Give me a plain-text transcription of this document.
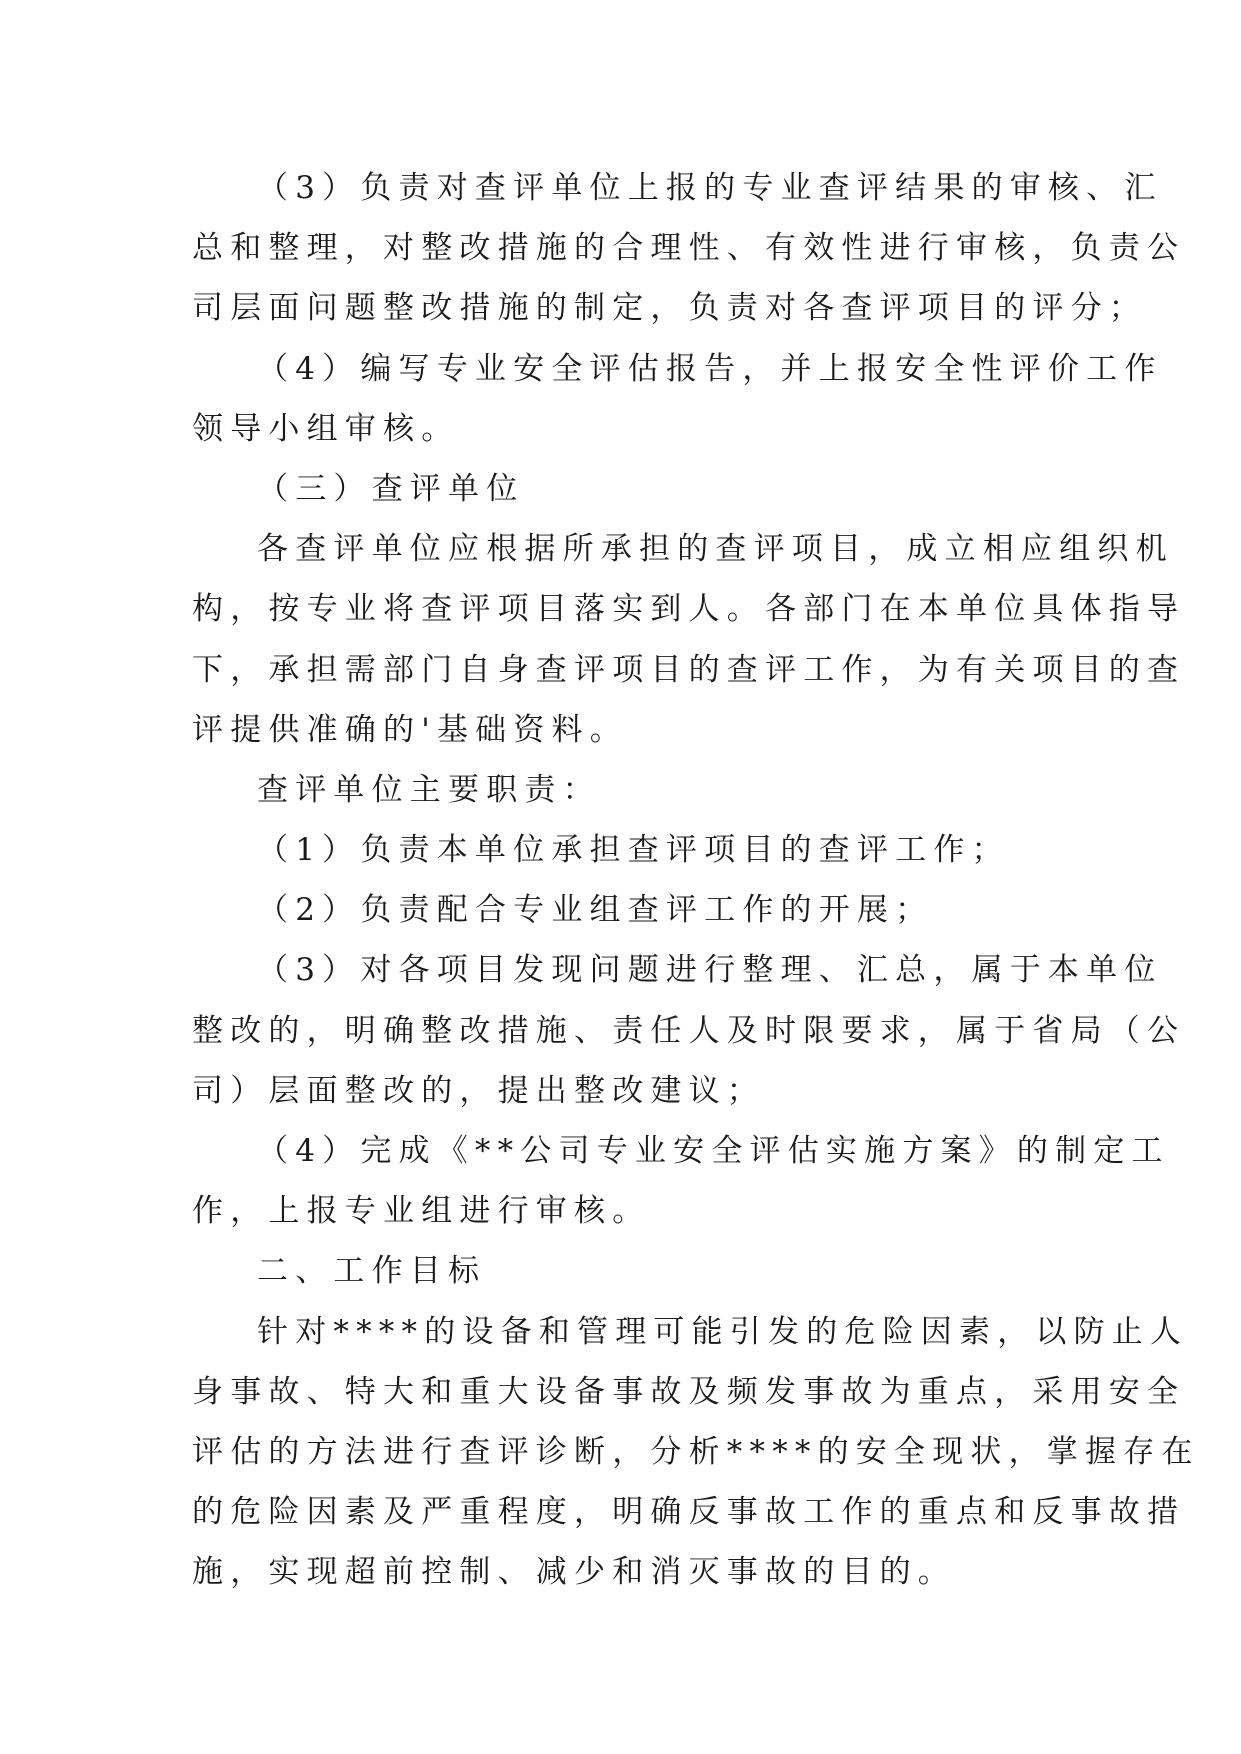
（3）负责对查评单位上报的专业查评结果的审核、汇
总和整理，对整改措施的合理性、有效性进行审核，负责公
司层面问题整改措施的制定，负责对各查评项目的评分；
（4）编写专业安全评估报告，并上报安全性评价工作
领导小组审核。
（三）查评单位
各查评单位应根据所承担的查评项目，成立相应组织机
构，按专业将查评项目落实到人。各部门在本单位具体指导
下，承担需部门自身查评项目的查评工作，为有关项目的查
评提供准确的'基础资料。
查评单位主要职责：
（1）负责本单位承担查评项目的查评工作；
（2）负责配合专业组查评工作的开展；
（3）对各项目发现问题进行整理、汇总，属于本单位
整改的，明确整改措施、责任人及时限要求，属于省局（公
司）层面整改的，提出整改建议；
（4）完成《**公司专业安全评估实施方案》的制定工
作，上报专业组进行审核。
二、工作目标
针对****的设备和管理可能引发的危险因素，以防止人
身事故、特大和重大设备事故及频发事故为重点，采用安全
评估的方法进行查评诊断，分析****的安全现状，掌握存在
的危险因素及严重程度，明确反事故工作的重点和反事故措
施，实现超前控制、减少和消灭事故的目的。
